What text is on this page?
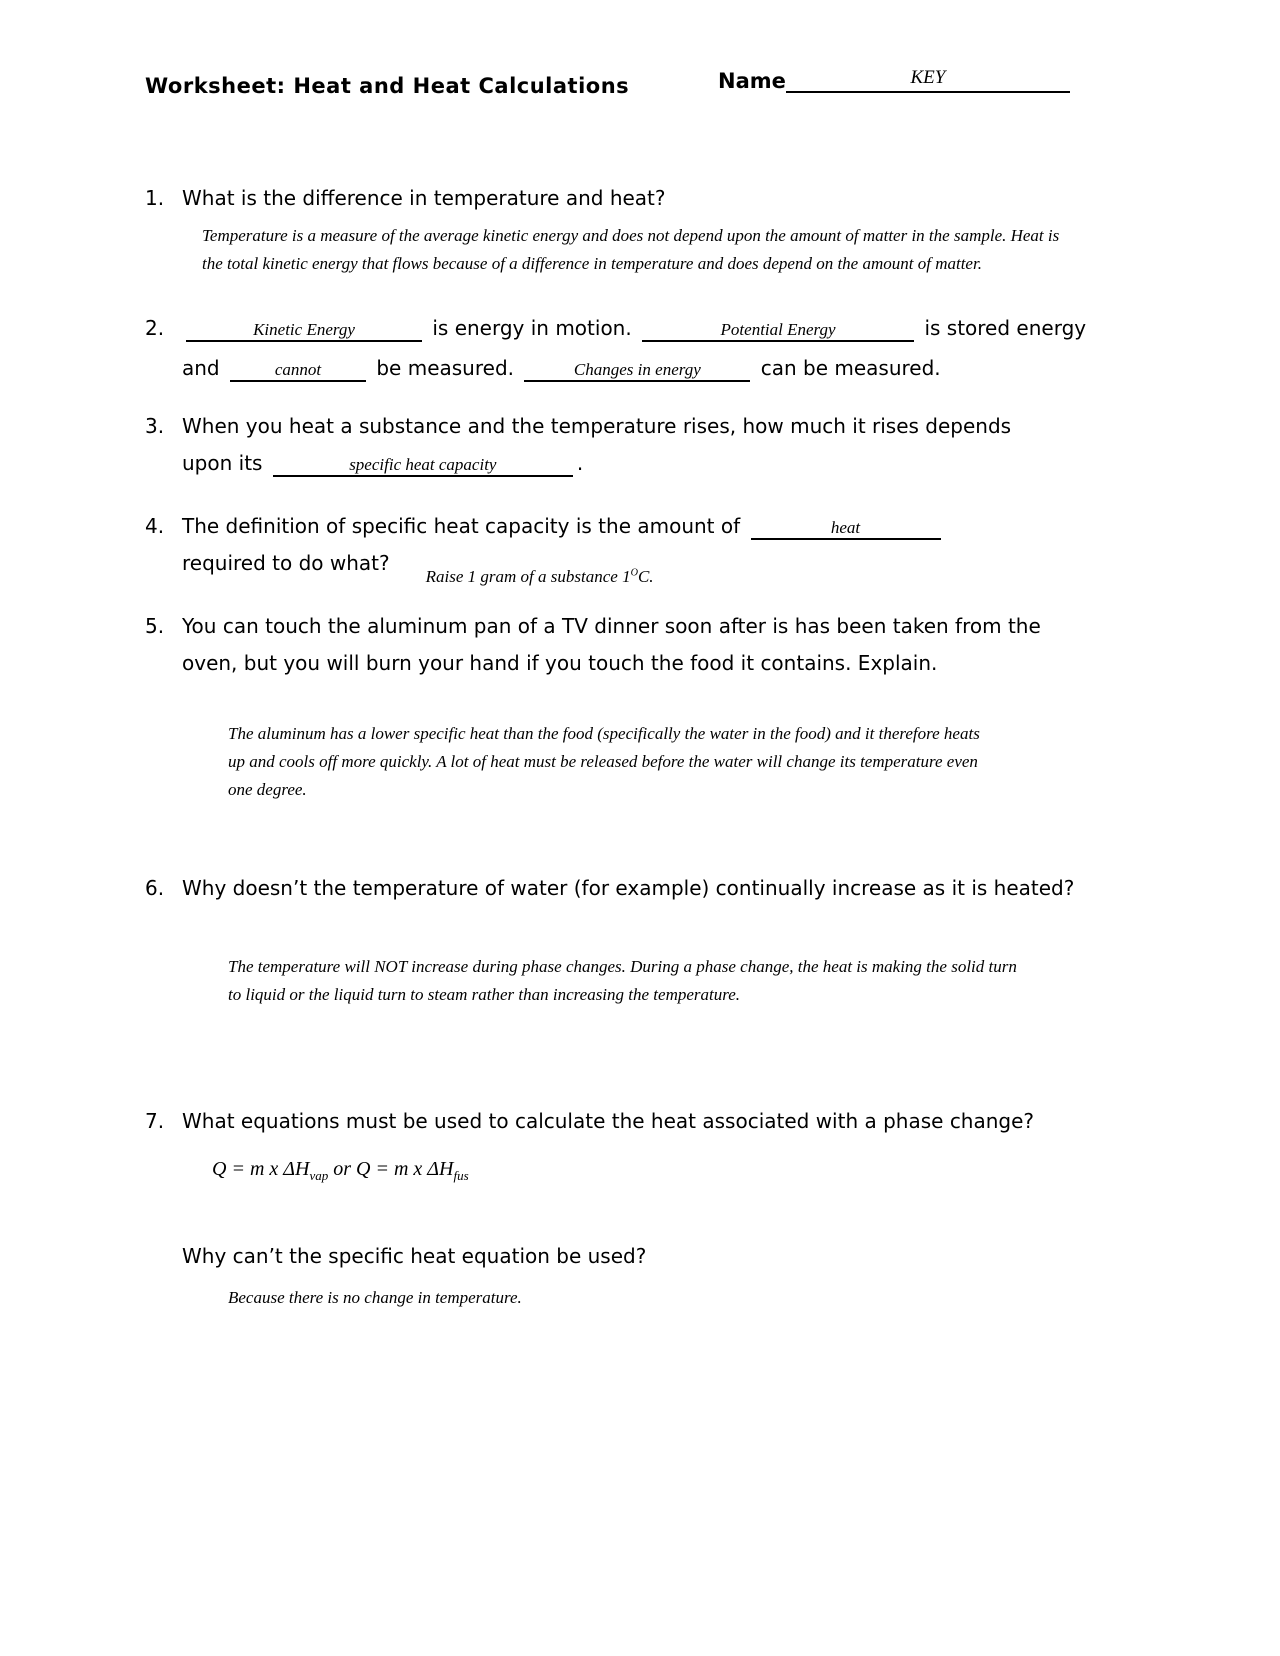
Worksheet: Heat and Heat Calculations	Name	KEY
1. What is the difference in temperature and heat?
Temperature is a measure of the average kinetic energy and does not depend upon the amount of matter in the sample. Heat is the total kinetic energy that flows because of a difference in temperature and does depend on the amount of matter.
2.	Kinetic Energy	is energy in motion.	Potential Energy	is stored energy and	cannot	be measured.	Changes in energy	can be measured.
3. When you heat a substance and the temperature rises, how much it rises depends upon its	specific heat capacity	.
4. The definition of specific heat capacity is the amount of	heat
required to do $what?_{Raise 1 gram of a substance 1^OC.}$
5. You can touch the aluminum pan of a TV dinner soon after is has been taken from the oven, but you will burn your hand if you touch the food it contains. Explain.
The aluminum has a lower specific heat than the food (specifically the water in the food) and it therefore heats up and cools off more quickly. A lot of heat must be released before the water will change its temperature even one degree.
6. Why doesn’t the temperature of water (for example) continually increase as it is heated?
The temperature will NOT increase during phase changes. During a phase change, the heat is making the solid turn to liquid or the liquid turn to steam rather than increasing the temperature.
7. What equations must be used to calculate the heat associated with a phase change?Q = m x $\Delta H_{vap}$ or Q = m x $\Delta H_{fus}$
Why can’t the specific heat equation be used?
Because there is no change in temperature.
